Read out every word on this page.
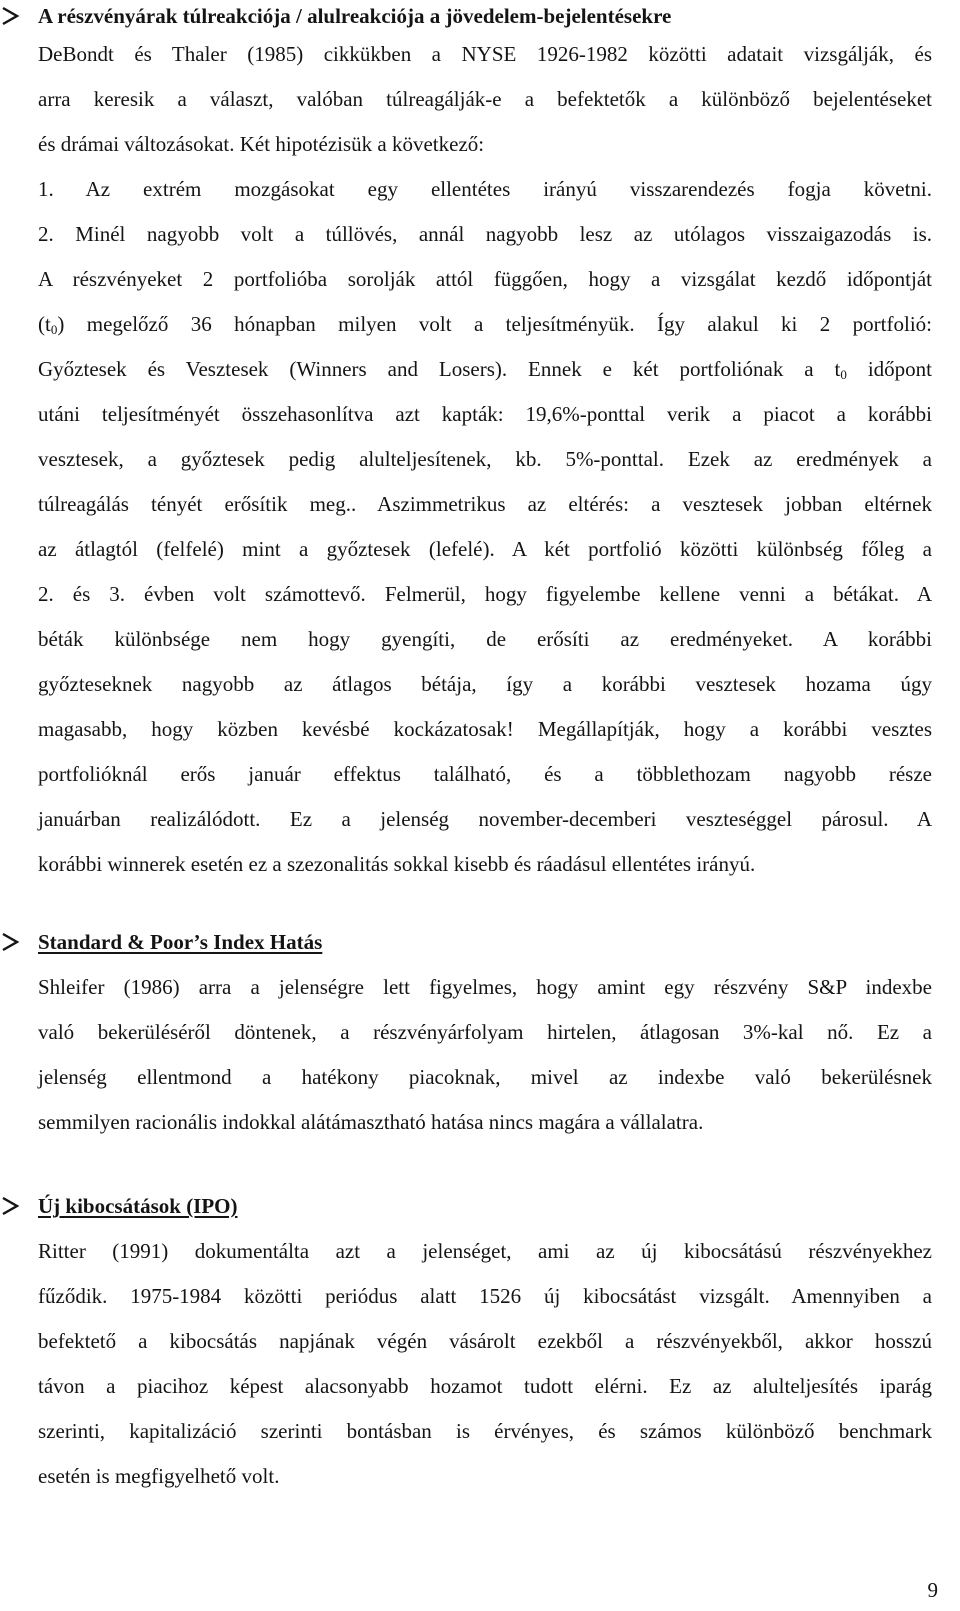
A részvényárak túlreakciója / alulreakciója a jövedelem-bejelentésekre
DeBondt és Thaler (1985) cikkükben a NYSE 1926-1982 közötti adatait vizsgálják, és
arra keresik a választ, valóban túlreagálják-e a befektetők a különböző bejelentéseket
és drámai változásokat. Két hipotézisük a következő:
1. Az extrém mozgásokat egy ellentétes irányú visszarendezés fogja követni.
2. Minél nagyobb volt a túllövés, annál nagyobb lesz az utólagos visszaigazodás is.
A részvényeket 2 portfolióba sorolják attól függően, hogy a vizsgálat kezdő időpontját
$(t_0)$ megelőző 36 hónapban milyen volt a teljesítményük. Így alakul ki 2 portfolió:
Győztesek és Vesztesek (Winners and Losers). Ennek e két portfoliónak a $t_0$ időpont
utáni teljesítményét összehasonlítva azt kapták: 19,6%-ponttal verik a piacot a korábbi
vesztesek, a győztesek pedig alulteljesítenek, kb. 5%-ponttal. Ezek az eredmények a
túlreagálás tényét erősítik meg.. Aszimmetrikus az eltérés: a vesztesek jobban eltérnek
az átlagtól (felfelé) mint a győztesek (lefelé). A két portfolió közötti különbség főleg a
2. és 3. évben volt számottevő. Felmerül, hogy figyelembe kellene venni a bétákat. A
béták különbsége nem hogy gyengíti, de erősíti az eredményeket. A korábbi
győzteseknek nagyobb az átlagos bétája, így a korábbi vesztesek hozama úgy
magasabb, hogy közben kevésbé kockázatosak! Megállapítják, hogy a korábbi vesztes
portfolióknál erős január effektus található, és a többlethozam nagyobb része
januárban realizálódott. Ez a jelenség november-decemberi veszteséggel párosul. A
korábbi winnerek esetén ez a szezonalitás sokkal kisebb és ráadásul ellentétes irányú.
Standard & Poor’s Index Hatás
Shleifer (1986) arra a jelenségre lett figyelmes, hogy amint egy részvény S&P indexbe
való bekerüléséről döntenek, a részvényárfolyam hirtelen, átlagosan 3%-kal nő. Ez a
jelenség ellentmond a hatékony piacoknak, mivel az indexbe való bekerülésnek
semmilyen racionális indokkal alátámasztható hatása nincs magára a vállalatra.
Új kibocsátások (IPO)
Ritter (1991) dokumentálta azt a jelenséget, ami az új kibocsátású részvényekhez
fűződik. 1975-1984 közötti periódus alatt 1526 új kibocsátást vizsgált. Amennyiben a
befektető a kibocsátás napjának végén vásárolt ezekből a részvényekből, akkor hosszú
távon a piacihoz képest alacsonyabb hozamot tudott elérni. Ez az alulteljesítés iparág
szerinti, kapitalizáció szerinti bontásban is érvényes, és számos különböző benchmark
esetén is megfigyelhető volt.
9
